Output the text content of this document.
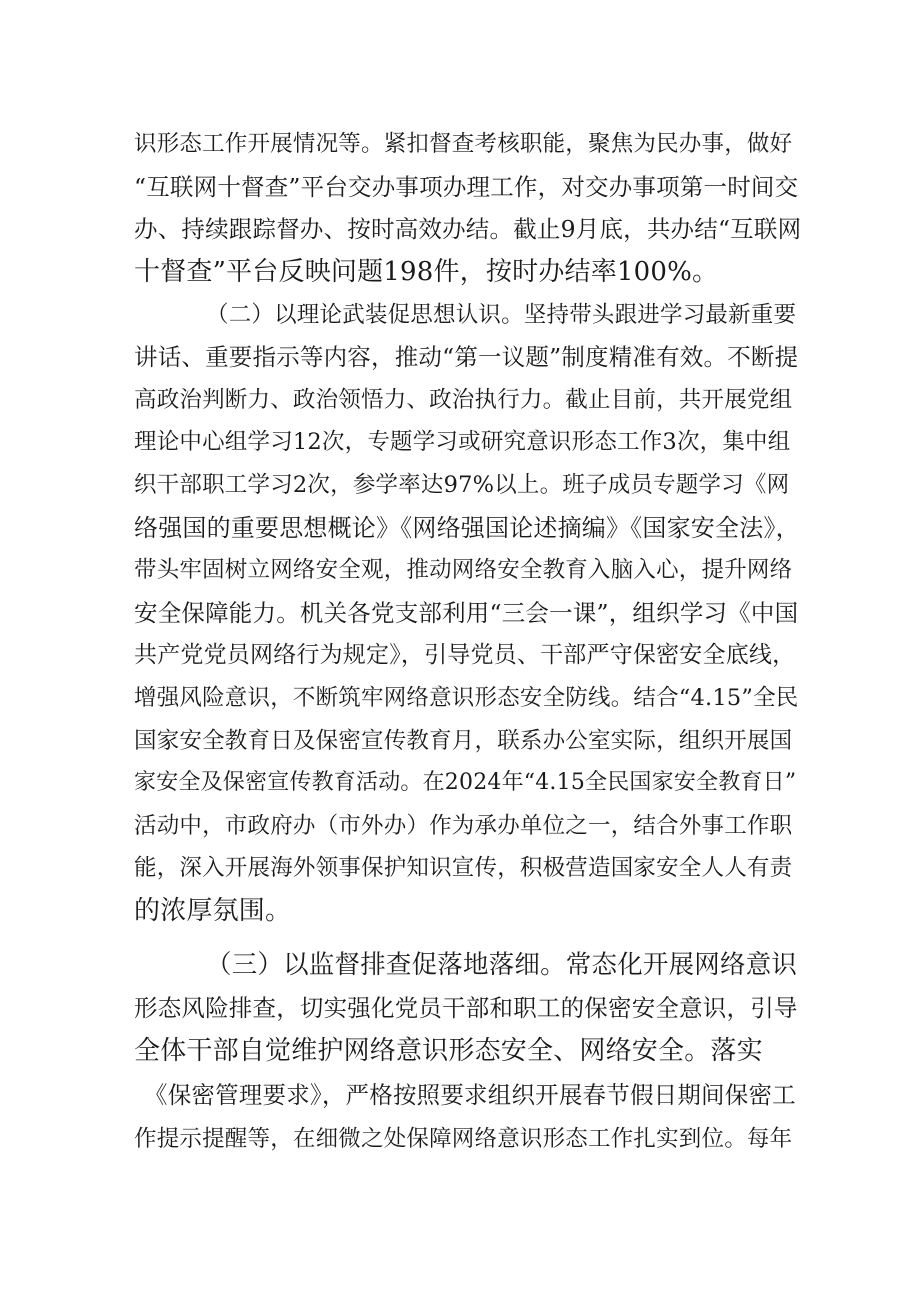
识形态工作开展情况等。紧扣督查考核职能，聚焦为民办事，做好
“互联网十督查”平台交办事项办理工作，对交办事项第一时间交
办、持续跟踪督办、按时高效办结。截止9月底，共办结“互联网
十督查”平台反映问题198件，按时办结率100%。
（二）以理论武装促思想认识。坚持带头跟进学习最新重要
讲话、重要指示等内容，推动“第一议题”制度精准有效。不断提
高政治判断力、政治领悟力、政治执行力。截止目前，共开展党组
理论中心组学习12次，专题学习或研究意识形态工作3次，集中组
织干部职工学习2次，参学率达97%以上。班子成员专题学习《网
络强国的重要思想概论》《网络强国论述摘编》《国家安全法》，
带头牢固树立网络安全观，推动网络安全教育入脑入心，提升网络
安全保障能力。机关各党支部利用“三会一课”，组织学习《中国
共产党党员网络行为规定》，引导党员、干部严守保密安全底线，
增强风险意识，不断筑牢网络意识形态安全防线。结合“4.15”全民
国家安全教育日及保密宣传教育月，联系办公室实际，组织开展国
家安全及保密宣传教育活动。在2024年“4.15全民国家安全教育日”
活动中，市政府办（市外办）作为承办单位之一，结合外事工作职
能，深入开展海外领事保护知识宣传，积极营造国家安全人人有责
的浓厚氛围。
（三）以监督排查促落地落细。常态化开展网络意识
形态风险排查，切实强化党员干部和职工的保密安全意识，引导
全体干部自觉维护网络意识形态安全、网络安全。落实
《保密管理要求》，严格按照要求组织开展春节假日期间保密工
作提示提醒等，在细微之处保障网络意识形态工作扎实到位。每年
